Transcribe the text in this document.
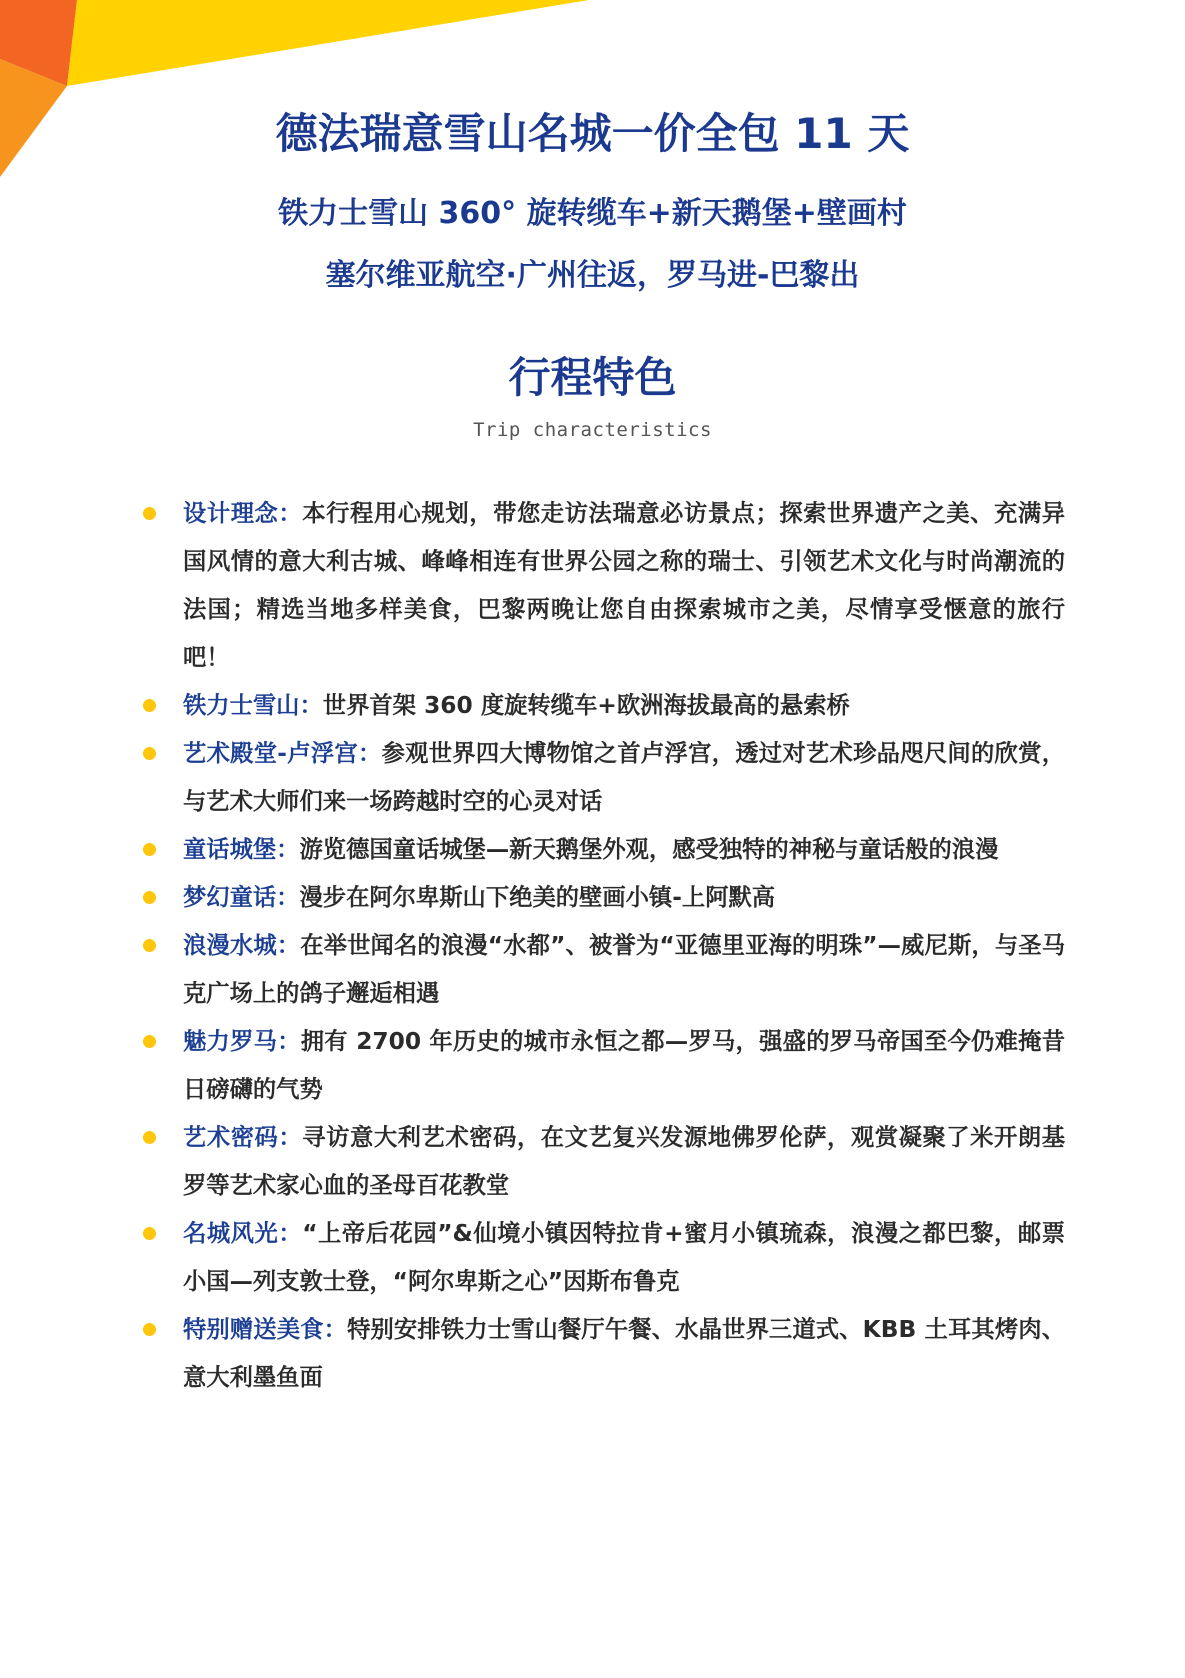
德法瑞意雪山名城一价全包 11 天
铁力士雪山 360° 旋转缆车+新天鹅堡+壁画村
塞尔维亚航空·广州往返，罗马进-巴黎出
行程特色
Trip characteristics
设计理念：本行程用心规划，带您走访法瑞意必访景点；探索世界遗产之美、充满异国风情的意大利古城、峰峰相连有世界公园之称的瑞士、引领艺术文化与时尚潮流的法国；精选当地多样美食，巴黎两晚让您自由探索城市之美，尽情享受惬意的旅行吧！
铁力士雪山：世界首架 360 度旋转缆车+欧洲海拔最高的悬索桥
艺术殿堂-卢浮宫：参观世界四大博物馆之首卢浮宫，透过对艺术珍品咫尺间的欣赏，与艺术大师们来一场跨越时空的心灵对话
童话城堡：游览德国童话城堡—新天鹅堡外观，感受独特的神秘与童话般的浪漫
梦幻童话：漫步在阿尔卑斯山下绝美的壁画小镇-上阿默高
浪漫水城：在举世闻名的浪漫“水都”、被誉为“亚德里亚海的明珠”—威尼斯，与圣马克广场上的鸽子邂逅相遇
魅力罗马：拥有 2700 年历史的城市永恒之都—罗马，强盛的罗马帝国至今仍难掩昔日磅礴的气势
艺术密码：寻访意大利艺术密码，在文艺复兴发源地佛罗伦萨，观赏凝聚了米开朗基罗等艺术家心血的圣母百花教堂
名城风光：“上帝后花园”&仙境小镇因特拉肯+蜜月小镇琉森，浪漫之都巴黎，邮票小国—列支敦士登，“阿尔卑斯之心”因斯布鲁克
特别赠送美食：特别安排铁力士雪山餐厅午餐、水晶世界三道式、KBB 土耳其烤肉、意大利墨鱼面
